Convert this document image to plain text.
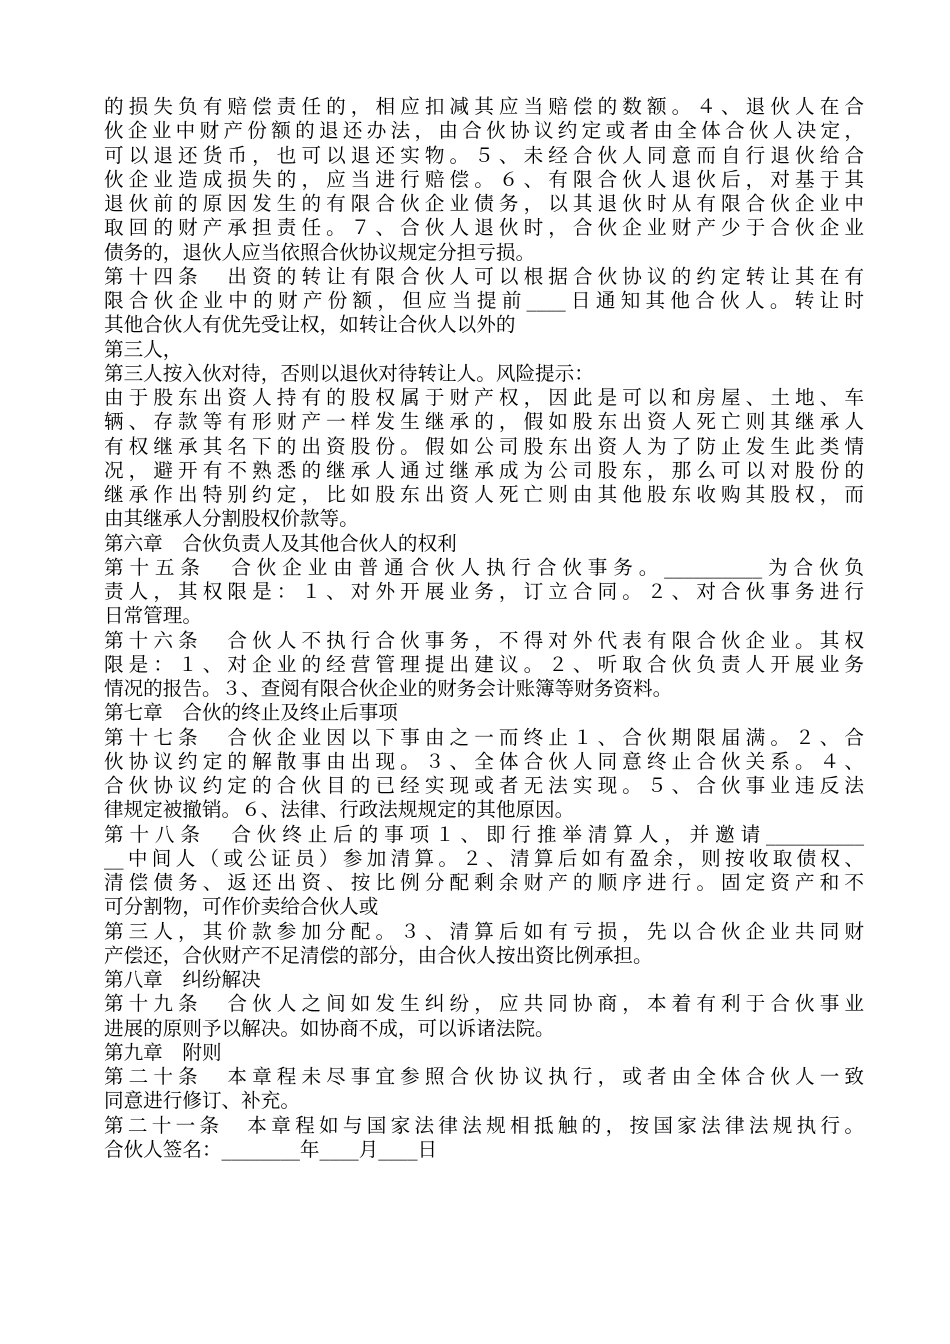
的损失负有赔偿责任的，相应扣减其应当赔偿的数额。４、退伙人在合
伙企业中财产份额的退还办法，由合伙协议约定或者由全体合伙人决定，
可以退还货币，也可以退还实物。５、未经合伙人同意而自行退伙给合
伙企业造成损失的，应当进行赔偿。６、有限合伙人退伙后，对基于其
退伙前的原因发生的有限合伙企业债务，以其退伙时从有限合伙企业中
取回的财产承担责任。７、合伙人退伙时，合伙企业财产少于合伙企业
债务的，退伙人应当依照合伙协议规定分担亏损。
第十四条　出资的转让有限合伙人可以根据合伙协议的约定转让其在有
限合伙企业中的财产份额，但应当提前____日通知其他合伙人。转让时
其他合伙人有优先受让权，如转让合伙人以外的
第三人，
第三人按入伙对待，否则以退伙对待转让人。风险提示：
由于股东出资人持有的股权属于财产权，因此是可以和房屋、土地、车
辆、存款等有形财产一样发生继承的，假如股东出资人死亡则其继承人
有权继承其名下的出资股份。假如公司股东出资人为了防止发生此类情
况，避开有不熟悉的继承人通过继承成为公司股东，那么可以对股份的
继承作出特别约定，比如股东出资人死亡则由其他股东收购其股权，而
由其继承人分割股权价款等。
第六章　合伙负责人及其他合伙人的权利
第十五条　合伙企业由普通合伙人执行合伙事务。__________为合伙负
责人，其权限是：１、对外开展业务，订立合同。２、对合伙事务进行
日常管理。
第十六条　合伙人不执行合伙事务，不得对外代表有限合伙企业。其权
限是：１、对企业的经营管理提出建议。２、听取合伙负责人开展业务
情况的报告。３、查阅有限合伙企业的财务会计账簿等财务资料。
第七章　合伙的终止及终止后事项
第十七条　合伙企业因以下事由之一而终止１、合伙期限届满。２、合
伙协议约定的解散事由出现。３、全体合伙人同意终止合伙关系。４、
合伙协议约定的合伙目的已经实现或者无法实现。５、合伙事业违反法
律规定被撤销。６、法律、行政法规规定的其他原因。
第十八条　合伙终止后的事项１、即行推举清算人，并邀请__________
__中间人（或公证员）参加清算。２、清算后如有盈余，则按收取债权、
清偿债务、返还出资、按比例分配剩余财产的顺序进行。固定资产和不
可分割物，可作价卖给合伙人或
第三人，其价款参加分配。３、清算后如有亏损，先以合伙企业共同财
产偿还，合伙财产不足清偿的部分，由合伙人按出资比例承担。
第八章　纠纷解决
第十九条　合伙人之间如发生纠纷，应共同协商，本着有利于合伙事业
进展的原则予以解决。如协商不成，可以诉诸法院。
第九章　附则
第二十条　本章程未尽事宜参照合伙协议执行，或者由全体合伙人一致
同意进行修订、补充。
第二十一条　本章程如与国家法律法规相抵触的，按国家法律法规执行。
合伙人签名：________年____月____日
